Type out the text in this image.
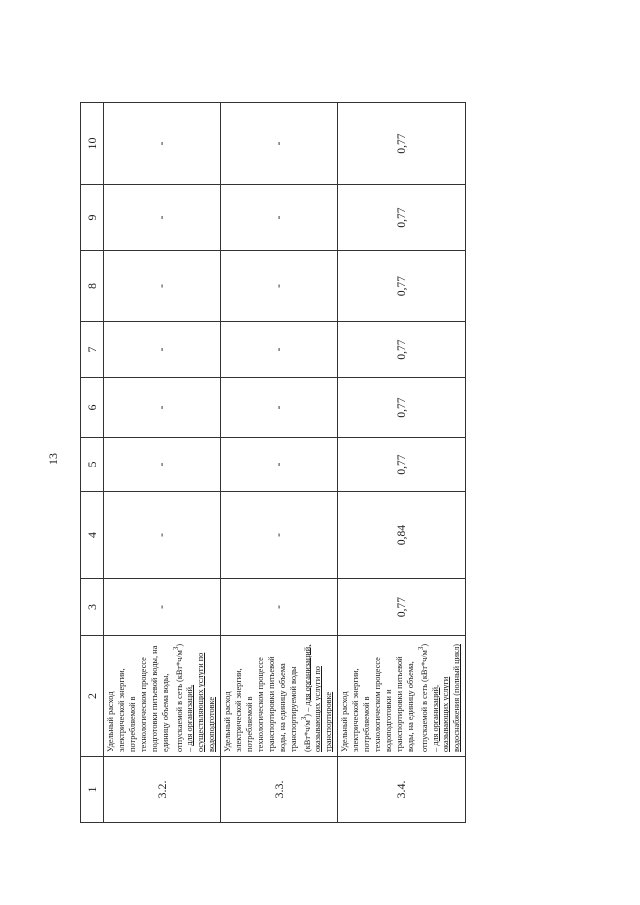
13
1	2	3	4	5	6	7	8	9	10
3.2.	Удельный расход электрической энергии, потребляемой в технологическом процессе подготовки питьевой воды, на единицу объема воды, отпускаемой в сеть $(кВт*ч/м^3)$ – для организаций, осуществляющих услуги по водоподготовке	-	-	-	-	-	-	-	-
3.3.	Удельный расход электрической энергии, потребляемой в технологическом процессе транспортировки питьевой воды, на единицу объема транспортируемой воды $(кВт*ч/м^3)$ – для организаций, оказывающих услуги по транспортировке	-	-	-	-	-	-	-	-
3.4.	Удельный расход электрической энергии, потребляемой в технологическом процессе водоподготовки и транспортировки питьевой воды, на единицу объема, отпускаемой в сеть $(кВт*ч/м^3)$ – для организаций, оказывающих услуги водоснабжения (полный цикл)	0,77	0,84	0,77	0,77	0,77	0,77	0,77	0,77
